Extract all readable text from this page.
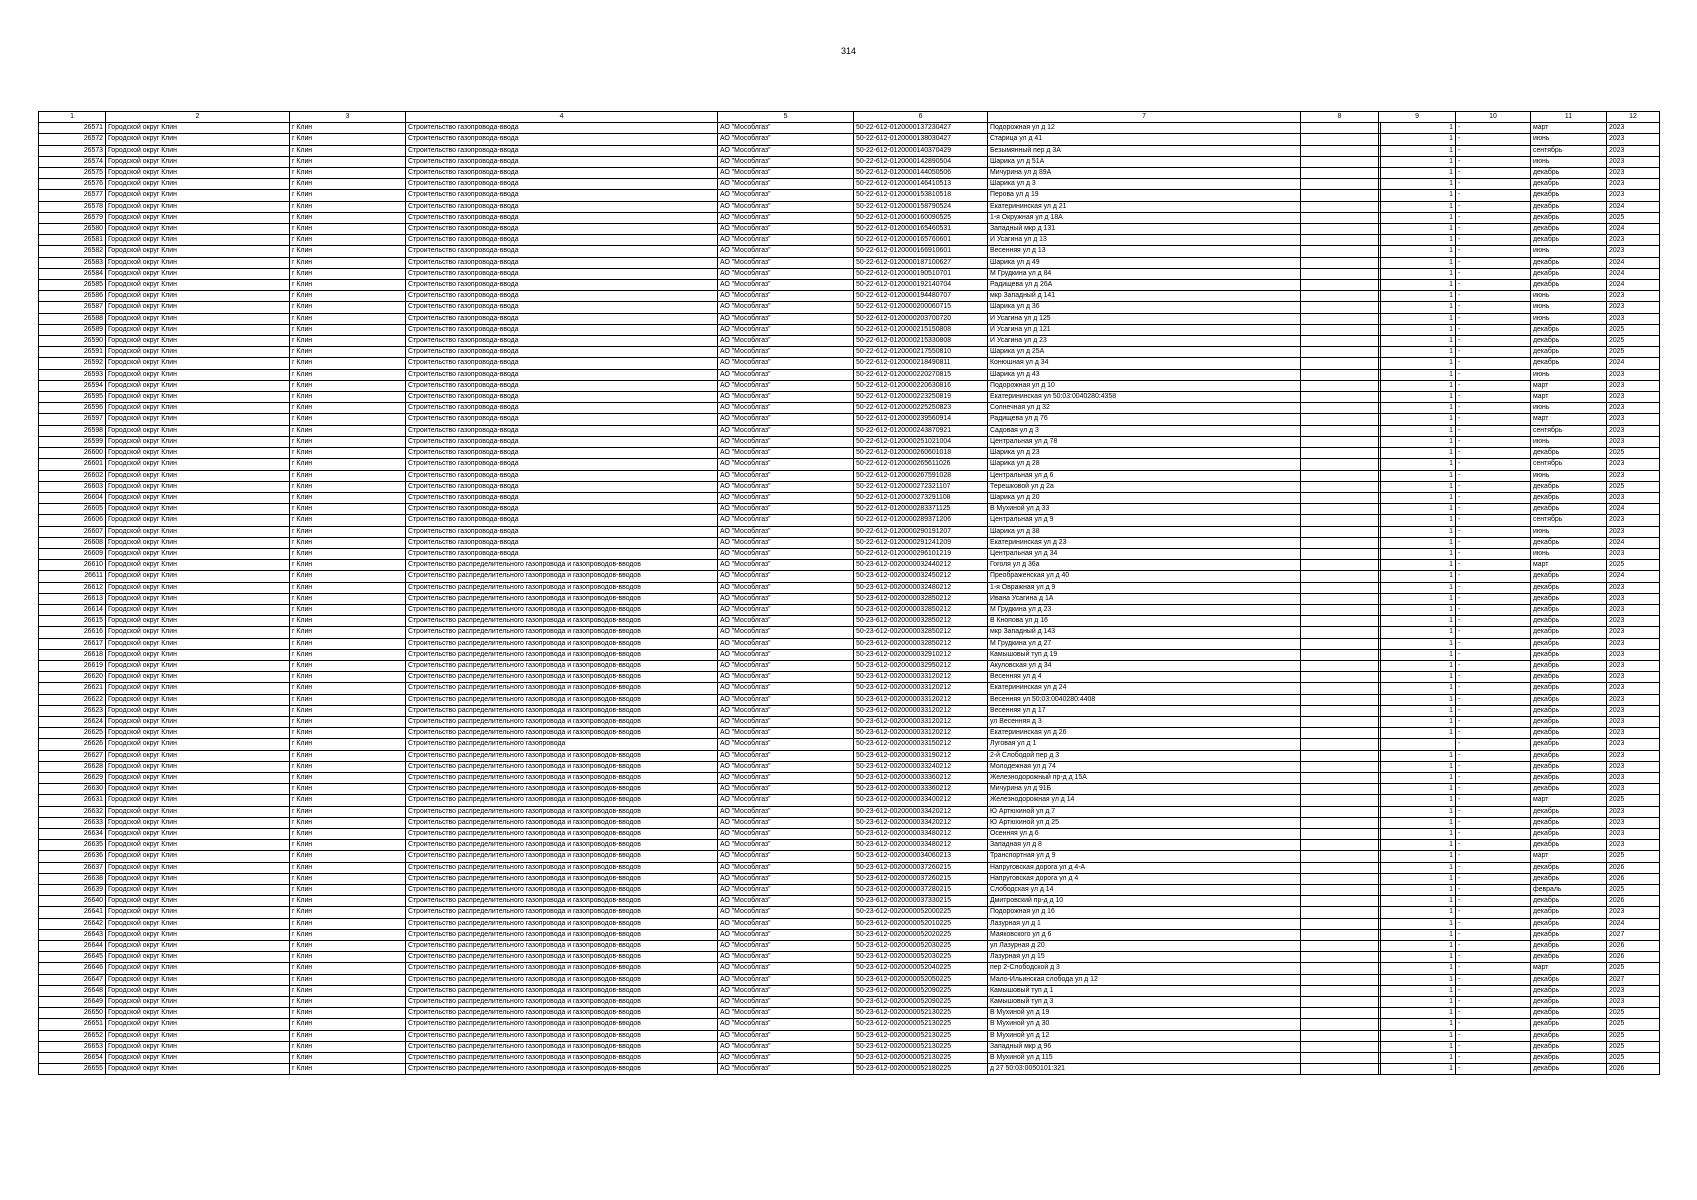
314
1	2	3	4	5	6	7	8	9		10	11	12
26571	Городской округ Клин	г Клин	Строительство газопровода-ввода	АО "Мособлгаз"	50-22-612-0120000137230427	Подорожная ул д 12			1	-	март	2023
26572	Городской округ Клин	г Клин	Строительство газопровода-ввода	АО "Мособлгаз"	50-22-612-0120000138030427	Старица ул д 41			1	-	июнь	2023
26573	Городской округ Клин	г Клин	Строительство газопровода-ввода	АО "Мособлгаз"	50-22-612-0120000140370429	Безымянный пер д 3А			1	-	сентябрь	2023
26574	Городской округ Клин	г Клин	Строительство газопровода-ввода	АО "Мособлгаз"	50-22-612-0120000142890504	Шарика ул д 51А			1	-	июнь	2023
26575	Городской округ Клин	г Клин	Строительство газопровода-ввода	АО "Мособлгаз"	50-22-612-0120000144050506	Мичурина ул д 89А			1	-	декабрь	2023
26576	Городской округ Клин	г Клин	Строительство газопровода-ввода	АО "Мособлгаз"	50-22-612-0120000146410513	Шарика ул д 3			1	-	декабрь	2023
26577	Городской округ Клин	г Клин	Строительство газопровода-ввода	АО "Мособлгаз"	50-22-612-0120000153810518	Перова ул д 19			1	-	декабрь	2023
26578	Городской округ Клин	г Клин	Строительство газопровода-ввода	АО "Мособлгаз"	50-22-612-0120000158790524	Екатерининская ул д 21			1	-	декабрь	2024
26579	Городской округ Клин	г Клин	Строительство газопровода-ввода	АО "Мособлгаз"	50-22-612-0120000160090525	1-я Окружная ул д 18А			1	-	декабрь	2025
26580	Городской округ Клин	г Клин	Строительство газопровода-ввода	АО "Мособлгаз"	50-22-612-0120000165460531	Западный мкр д 131			1	-	декабрь	2024
26581	Городской округ Клин	г Клин	Строительство газопровода-ввода	АО "Мособлгаз"	50-22-612-0120000165760601	И Усагина ул д 13			1	-	декабрь	2023
26582	Городской округ Клин	г Клин	Строительство газопровода-ввода	АО "Мособлгаз"	50-22-612-0120000166910601	Весенняя ул д 13			1	-	июнь	2023
26583	Городской округ Клин	г Клин	Строительство газопровода-ввода	АО "Мособлгаз"	50-22-612-0120000187100627	Шарика ул д 49			1	-	декабрь	2024
26584	Городской округ Клин	г Клин	Строительство газопровода-ввода	АО "Мособлгаз"	50-22-612-0120000190510701	М Грудкина ул д 84			1	-	декабрь	2024
26585	Городской округ Клин	г Клин	Строительство газопровода-ввода	АО "Мособлгаз"	50-22-612-0120000192140704	Радищева ул д 26А			1	-	декабрь	2024
26586	Городской округ Клин	г Клин	Строительство газопровода-ввода	АО "Мособлгаз"	50-22-612-0120000194480707	мкр Западный д 141			1	-	июнь	2023
26587	Городской округ Клин	г Клин	Строительство газопровода-ввода	АО "Мособлгаз"	50-22-612-0120000200060715	Шарика ул д 36			1	-	июнь	2023
26588	Городской округ Клин	г Клин	Строительство газопровода-ввода	АО "Мособлгаз"	50-22-612-0120000203700720	И Усагина ул д 125			1	-	июнь	2023
26589	Городской округ Клин	г Клин	Строительство газопровода-ввода	АО "Мособлгаз"	50-22-612-0120000215150808	И Усагина ул д 121			1	-	декабрь	2025
26590	Городской округ Клин	г Клин	Строительство газопровода-ввода	АО "Мособлгаз"	50-22-612-0120000215330808	И Усагина ул д 23			1	-	декабрь	2025
26591	Городской округ Клин	г Клин	Строительство газопровода-ввода	АО "Мособлгаз"	50-22-612-0120000217550810	Шарика ул д 25А			1	-	декабрь	2025
26592	Городской округ Клин	г Клин	Строительство газопровода-ввода	АО "Мособлгаз"	50-22-612-0120000218490811	Конюшная ул д 34			1	-	декабрь	2024
26593	Городской округ Клин	г Клин	Строительство газопровода-ввода	АО "Мособлгаз"	50-22-612-0120000220270815	Шарика ул д 43			1	-	июнь	2023
26594	Городской округ Клин	г Клин	Строительство газопровода-ввода	АО "Мособлгаз"	50-22-612-0120000220630816	Подорожная ул д 10			1	-	март	2023
26595	Городской округ Клин	г Клин	Строительство газопровода-ввода	АО "Мособлгаз"	50-22-612-0120000223250819	Екатерининская ул 50:03:0040280:4358			1	-	март	2023
26596	Городской округ Клин	г Клин	Строительство газопровода-ввода	АО "Мособлгаз"	50-22-612-0120000225250823	Солнечная ул д 32			1	-	июнь	2023
26597	Городской округ Клин	г Клин	Строительство газопровода-ввода	АО "Мособлгаз"	50-22-612-0120000239560914	Радищева ул д 76			1	-	март	2023
26598	Городской округ Клин	г Клин	Строительство газопровода-ввода	АО "Мособлгаз"	50-22-612-0120000243870921	Садовая ул д 3			1	-	сентябрь	2023
26599	Городской округ Клин	г Клин	Строительство газопровода-ввода	АО "Мособлгаз"	50-22-612-0120000251021004	Центральная ул д 78			1	-	июнь	2023
26600	Городской округ Клин	г Клин	Строительство газопровода-ввода	АО "Мособлгаз"	50-22-612-0120000260601018	Шарика ул д 23			1	-	декабрь	2025
26601	Городской округ Клин	г Клин	Строительство газопровода-ввода	АО "Мособлгаз"	50-22-612-0120000265611026	Шарика ул д 28			1	-	сентябрь	2023
26602	Городской округ Клин	г Клин	Строительство газопровода-ввода	АО "Мособлгаз"	50-22-612-0120000267591028	Центральная ул д 6			1	-	июнь	2023
26603	Городской округ Клин	г Клин	Строительство газопровода-ввода	АО "Мособлгаз"	50-22-612-0120000272321107	Терешковой ул д 2а			1	-	декабрь	2025
26604	Городской округ Клин	г Клин	Строительство газопровода-ввода	АО "Мособлгаз"	50-22-612-0120000273291108	Шарика ул д 20			1	-	декабрь	2023
26605	Городской округ Клин	г Клин	Строительство газопровода-ввода	АО "Мособлгаз"	50-22-612-0120000283371125	В Мухиной ул д 33			1	-	декабрь	2024
26606	Городской округ Клин	г Клин	Строительство газопровода-ввода	АО "Мособлгаз"	50-22-612-0120000289371206	Центральная ул д 9			1	-	сентябрь	2023
26607	Городской округ Клин	г Клин	Строительство газопровода-ввода	АО "Мособлгаз"	50-22-612-0120000290191207	Шарика ул д 38			1	-	июнь	2023
26608	Городской округ Клин	г Клин	Строительство газопровода-ввода	АО "Мособлгаз"	50-22-612-0120000291241209	Екатерининская ул д 23			1	-	декабрь	2024
26609	Городской округ Клин	г Клин	Строительство газопровода-ввода	АО "Мособлгаз"	50-22-612-0120000296101219	Центральная ул д 34			1	-	июнь	2023
26610	Городской округ Клин	г Клин	Строительство распределительного газопровода и газопроводов-вводов	АО "Мособлгаз"	50-23-612-0020000032440212	Гоголя ул д 36а			1	-	март	2025
26611	Городской округ Клин	г Клин	Строительство распределительного газопровода и газопроводов-вводов	АО "Мособлгаз"	50-23-612-0020000032450212	Преображенская ул д 40			1	-	декабрь	2024
26612	Городской округ Клин	г Клин	Строительство распределительного газопровода и газопроводов-вводов	АО "Мособлгаз"	50-23-612-0020000032480212	1-я Овражная ул д 9			1	-	декабрь	2023
26613	Городской округ Клин	г Клин	Строительство распределительного газопровода и газопроводов-вводов	АО "Мособлгаз"	50-23-612-0020000032850212	Ивана Усагина д 1А			1	-	декабрь	2023
26614	Городской округ Клин	г Клин	Строительство распределительного газопровода и газопроводов-вводов	АО "Мособлгаз"	50-23-612-0020000032850212	М Грудкина ул д 23			1	-	декабрь	2023
26615	Городской округ Клин	г Клин	Строительство распределительного газопровода и газопроводов-вводов	АО "Мособлгаз"	50-23-612-0020000032850212	В Кнопова ул д 16			1	-	декабрь	2023
26616	Городской округ Клин	г Клин	Строительство распределительного газопровода и газопроводов-вводов	АО "Мособлгаз"	50-23-612-0020000032850212	мкр Западный д 143			1	-	декабрь	2023
26617	Городской округ Клин	г Клин	Строительство распределительного газопровода и газопроводов-вводов	АО "Мособлгаз"	50-23-612-0020000032850212	М Грудкина ул д 27			1	-	декабрь	2023
26618	Городской округ Клин	г Клин	Строительство распределительного газопровода и газопроводов-вводов	АО "Мособлгаз"	50-23-612-0020000032910212	Камышовый туп д 19			1	-	декабрь	2023
26619	Городской округ Клин	г Клин	Строительство распределительного газопровода и газопроводов-вводов	АО "Мособлгаз"	50-23-612-0020000032950212	Акуловская ул д 34			1	-	декабрь	2023
26620	Городской округ Клин	г Клин	Строительство распределительного газопровода и газопроводов-вводов	АО "Мособлгаз"	50-23-612-0020000033120212	Весенняя ул д 4			1	-	декабрь	2023
26621	Городской округ Клин	г Клин	Строительство распределительного газопровода и газопроводов-вводов	АО "Мособлгаз"	50-23-612-0020000033120212	Екатерининская ул д 24			1	-	декабрь	2023
26622	Городской округ Клин	г Клин	Строительство распределительного газопровода и газопроводов-вводов	АО "Мособлгаз"	50-23-612-0020000033120212	Весенняя ул 50:03:0040280:4408			1	-	декабрь	2023
26623	Городской округ Клин	г Клин	Строительство распределительного газопровода и газопроводов-вводов	АО "Мособлгаз"	50-23-612-0020000033120212	Весенняя ул д 17			1	-	декабрь	2023
26624	Городской округ Клин	г Клин	Строительство распределительного газопровода и газопроводов-вводов	АО "Мособлгаз"	50-23-612-0020000033120212	ул Весенняя д 3			1	-	декабрь	2023
26625	Городской округ Клин	г Клин	Строительство распределительного газопровода и газопроводов-вводов	АО "Мособлгаз"	50-23-612-0020000033120212	Екатерининская ул д 26			1	-	декабрь	2023
26626	Городской округ Клин	г Клин	Строительство распределительного газопровода	АО "Мособлгаз"	50-23-612-0020000033150212	Луговая ул д 1				-	декабрь	2023
26627	Городской округ Клин	г Клин	Строительство распределительного газопровода и газопроводов-вводов	АО "Мособлгаз"	50-23-612-0020000033190212	2-й Слободой пер д 3			1	-	декабрь	2023
26628	Городской округ Клин	г Клин	Строительство распределительного газопровода и газопроводов-вводов	АО "Мособлгаз"	50-23-612-0020000033240212	Молодежная ул д 74			1	-	декабрь	2023
26629	Городской округ Клин	г Клин	Строительство распределительного газопровода и газопроводов-вводов	АО "Мособлгаз"	50-23-612-0020000033360212	Железнодорожный пр-д д 15А			1	-	декабрь	2023
26630	Городской округ Клин	г Клин	Строительство распределительного газопровода и газопроводов-вводов	АО "Мособлгаз"	50-23-612-0020000033360212	Мичурина ул д 91Б			1	-	декабрь	2023
26631	Городской округ Клин	г Клин	Строительство распределительного газопровода и газопроводов-вводов	АО "Мособлгаз"	50-23-612-0020000033400212	Железнодорожная ул д 14			1	-	март	2025
26632	Городской округ Клин	г Клин	Строительство распределительного газопровода и газопроводов-вводов	АО "Мособлгаз"	50-23-612-0020000033420212	Ю Артюхиной ул д 7			1	-	декабрь	2023
26633	Городской округ Клин	г Клин	Строительство распределительного газопровода и газопроводов-вводов	АО "Мособлгаз"	50-23-612-0020000033420212	Ю Артюхиной ул д 25			1	-	декабрь	2023
26634	Городской округ Клин	г Клин	Строительство распределительного газопровода и газопроводов-вводов	АО "Мособлгаз"	50-23-612-0020000033480212	Осенняя ул д 6			1	-	декабрь	2023
26635	Городской округ Клин	г Клин	Строительство распределительного газопровода и газопроводов-вводов	АО "Мособлгаз"	50-23-612-0020000033480212	Западная ул д 8			1	-	декабрь	2023
26636	Городской округ Клин	г Клин	Строительство распределительного газопровода и газопроводов-вводов	АО "Мособлгаз"	50-23-612-0020000034060213	Транспортная ул д 9			1	-	март	2025
26637	Городской округ Клин	г Клин	Строительство распределительного газопровода и газопроводов-вводов	АО "Мособлгаз"	50-23-612-0020000037260215	Напруговская дорога ул д 4-А			1	-	декабрь	2026
26638	Городской округ Клин	г Клин	Строительство распределительного газопровода и газопроводов-вводов	АО "Мособлгаз"	50-23-612-0020000037260215	Напруговская дорога ул д 4			1	-	декабрь	2026
26639	Городской округ Клин	г Клин	Строительство распределительного газопровода и газопроводов-вводов	АО "Мособлгаз"	50-23-612-0020000037280215	Слободская ул д 14			1	-	февраль	2025
26640	Городской округ Клин	г Клин	Строительство распределительного газопровода и газопроводов-вводов	АО "Мособлгаз"	50-23-612-0020000037330215	Дмитровский пр-д д 10			1	-	декабрь	2026
26641	Городской округ Клин	г Клин	Строительство распределительного газопровода и газопроводов-вводов	АО "Мособлгаз"	50-23-612-0020000052000225	Подорожная ул д 16			1	-	декабрь	2023
26642	Городской округ Клин	г Клин	Строительство распределительного газопровода и газопроводов-вводов	АО "Мособлгаз"	50-23-612-0020000052010225	Лазурная ул д 1			1	-	декабрь	2024
26643	Городской округ Клин	г Клин	Строительство распределительного газопровода и газопроводов-вводов	АО "Мособлгаз"	50-23-612-0020000052020225	Маяковского ул д 6			1	-	декабрь	2027
26644	Городской округ Клин	г Клин	Строительство распределительного газопровода и газопроводов-вводов	АО "Мособлгаз"	50-23-612-0020000052030225	ул Лазурная д 20			1	-	декабрь	2026
26645	Городской округ Клин	г Клин	Строительство распределительного газопровода и газопроводов-вводов	АО "Мособлгаз"	50-23-612-0020000052030225	Лазурная ул д 15			1	-	декабрь	2026
26646	Городской округ Клин	г Клин	Строительство распределительного газопровода и газопроводов-вводов	АО "Мособлгаз"	50-23-612-0020000052040225	пер 2-Слободской д 3			1	-	март	2025
26647	Городской округ Клин	г Клин	Строительство распределительного газопровода и газопроводов-вводов	АО "Мособлгаз"	50-23-612-0020000052050225	Мало-Ильинская слобода ул д 12			1	-	декабрь	2027
26648	Городской округ Клин	г Клин	Строительство распределительного газопровода и газопроводов-вводов	АО "Мособлгаз"	50-23-612-0020000052090225	Камышовый туп д 1			1	-	декабрь	2023
26649	Городской округ Клин	г Клин	Строительство распределительного газопровода и газопроводов-вводов	АО "Мособлгаз"	50-23-612-0020000052090225	Камышовый туп д 3			1	-	декабрь	2023
26650	Городской округ Клин	г Клин	Строительство распределительного газопровода и газопроводов-вводов	АО "Мособлгаз"	50-23-612-0020000052130225	В Мухиной ул д 19			1	-	декабрь	2025
26651	Городской округ Клин	г Клин	Строительство распределительного газопровода и газопроводов-вводов	АО "Мособлгаз"	50-23-612-0020000052130225	В Мухиной ул д 30			1	-	декабрь	2025
26652	Городской округ Клин	г Клин	Строительство распределительного газопровода и газопроводов-вводов	АО "Мособлгаз"	50-23-612-0020000052130225	В Мухиной ул д 12			1	-	декабрь	2025
26653	Городской округ Клин	г Клин	Строительство распределительного газопровода и газопроводов-вводов	АО "Мособлгаз"	50-23-612-0020000052130225	Западный мкр д 96			1	-	декабрь	2025
26654	Городской округ Клин	г Клин	Строительство распределительного газопровода и газопроводов-вводов	АО "Мособлгаз"	50-23-612-0020000052130225	В Мухиной ул д 115			1	-	декабрь	2025
26655	Городской округ Клин	г Клин	Строительство распределительного газопровода и газопроводов-вводов	АО "Мособлгаз"	50-23-612-0020000052180225	д 27 50:03:0050101:321			1	-	декабрь	2026
